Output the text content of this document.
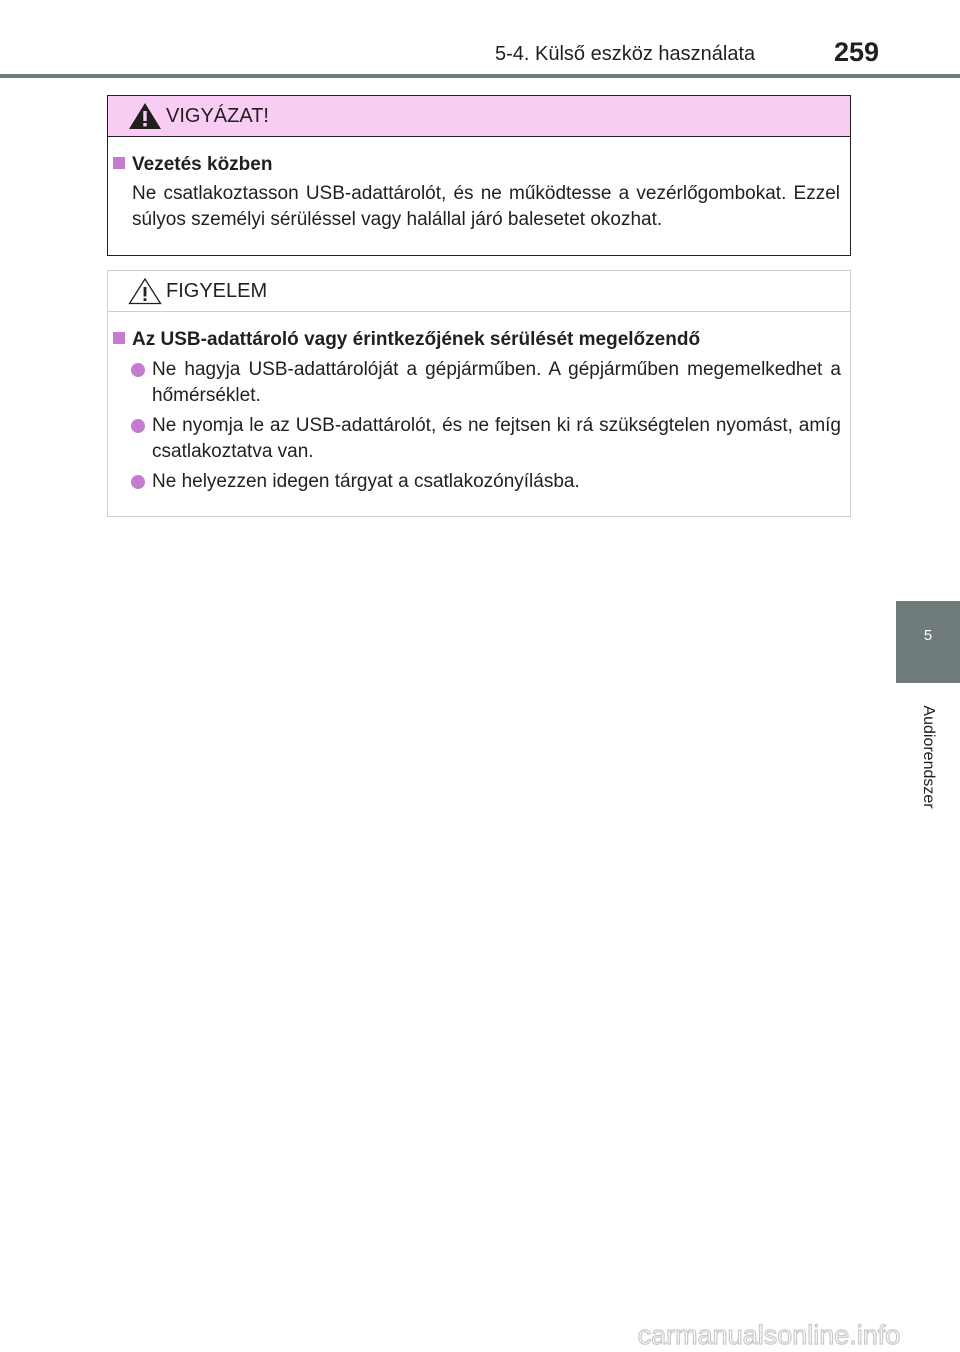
5-4. Külső eszköz használata	259
5
Audiorendszer
VIGYÁZAT!
Vezetés közben
Ne csatlakoztasson USB-adattárolót, és ne működtesse a vezérlőgombokat. Ezzel súlyos személyi sérüléssel vagy halállal járó balesetet okozhat.
FIGYELEM
Az USB-adattároló vagy érintkezőjének sérülését megelőzendő
Ne hagyja USB-adattárolóját a gépjárműben. A gépjárműben megemelkedhet a hőmérséklet.
Ne nyomja le az USB-adattárolót, és ne fejtsen ki rá szükségtelen nyomást, amíg csatlakoztatva van.
Ne helyezzen idegen tárgyat a csatlakozónyílásba.
carmanualsonline.info
